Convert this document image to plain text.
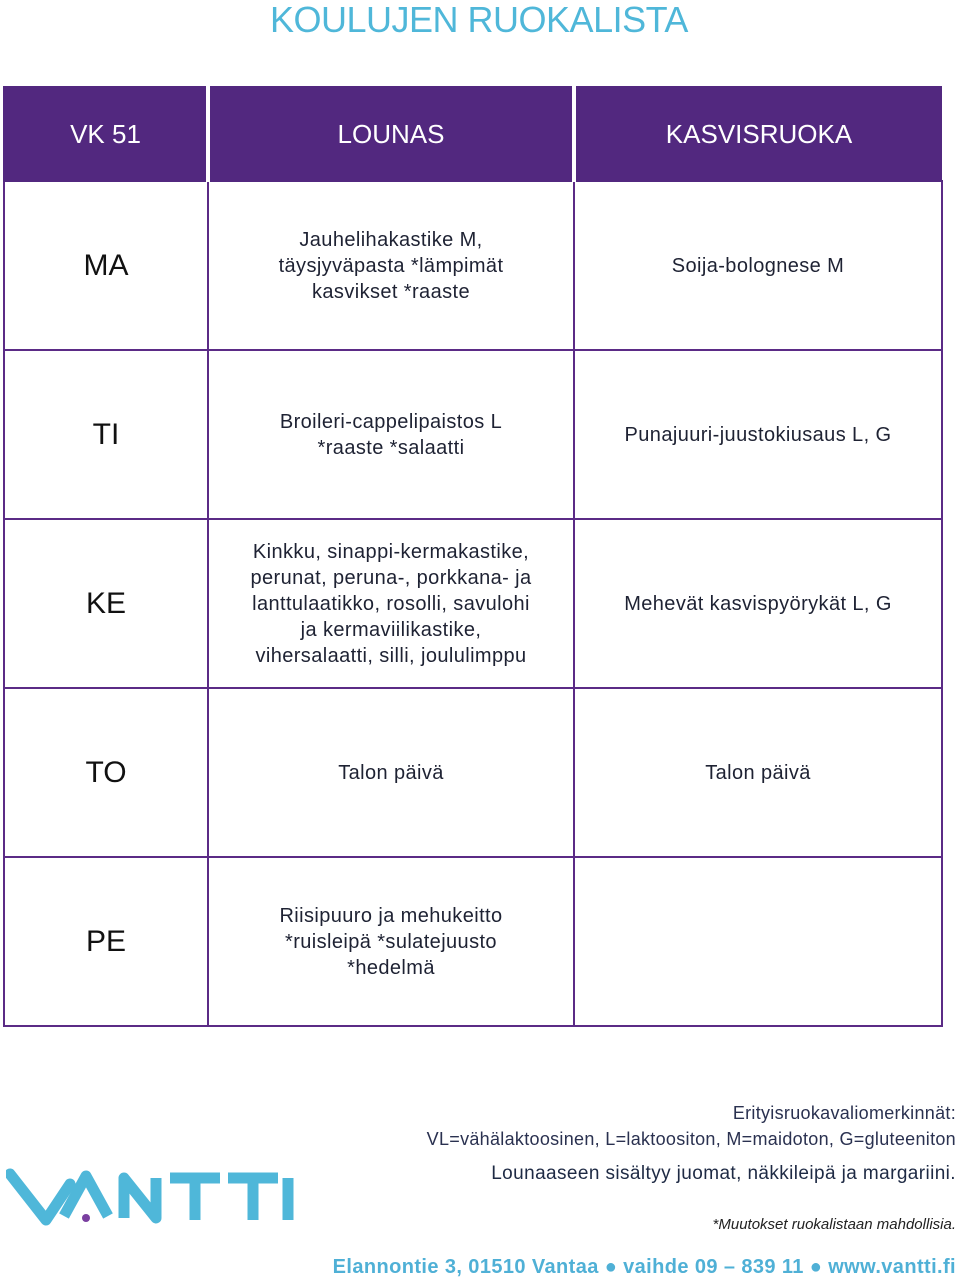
KOULUJEN RUOKALISTA
VK 51	LOUNAS	KASVISRUOKA
MA	Jauhelihakastike M,
täysjyväpasta *lämpimät
kasvikset *raaste	Soija-bolognese M
TI	Broileri-cappelipaistos L
*raaste *salaatti	Punajuuri-juustokiusaus L, G
KE	Kinkku, sinappi-kermakastike,
perunat, peruna-, porkkana- ja
lanttulaatikko, rosolli, savulohi
ja kermaviilikastike,
vihersalaatti, silli, joululimppu	Mehevät kasvispyörykät L, G
TO	Talon päivä	Talon päivä
PE	Riisipuuro ja mehukeitto
*ruisleipä *sulatejuusto
*hedelmä	
Erityisruokavaliomerkinnät:
VL=vähälaktoosinen, L=laktoositon, M=maidoton, G=gluteeniton
Lounaaseen sisältyy juomat, näkkileipä ja margariini.
*Muutokset ruokalistaan mahdollisia.
Elannontie 3, 01510 Vantaa ● vaihde 09 – 839 11 ● www.vantti.fi
